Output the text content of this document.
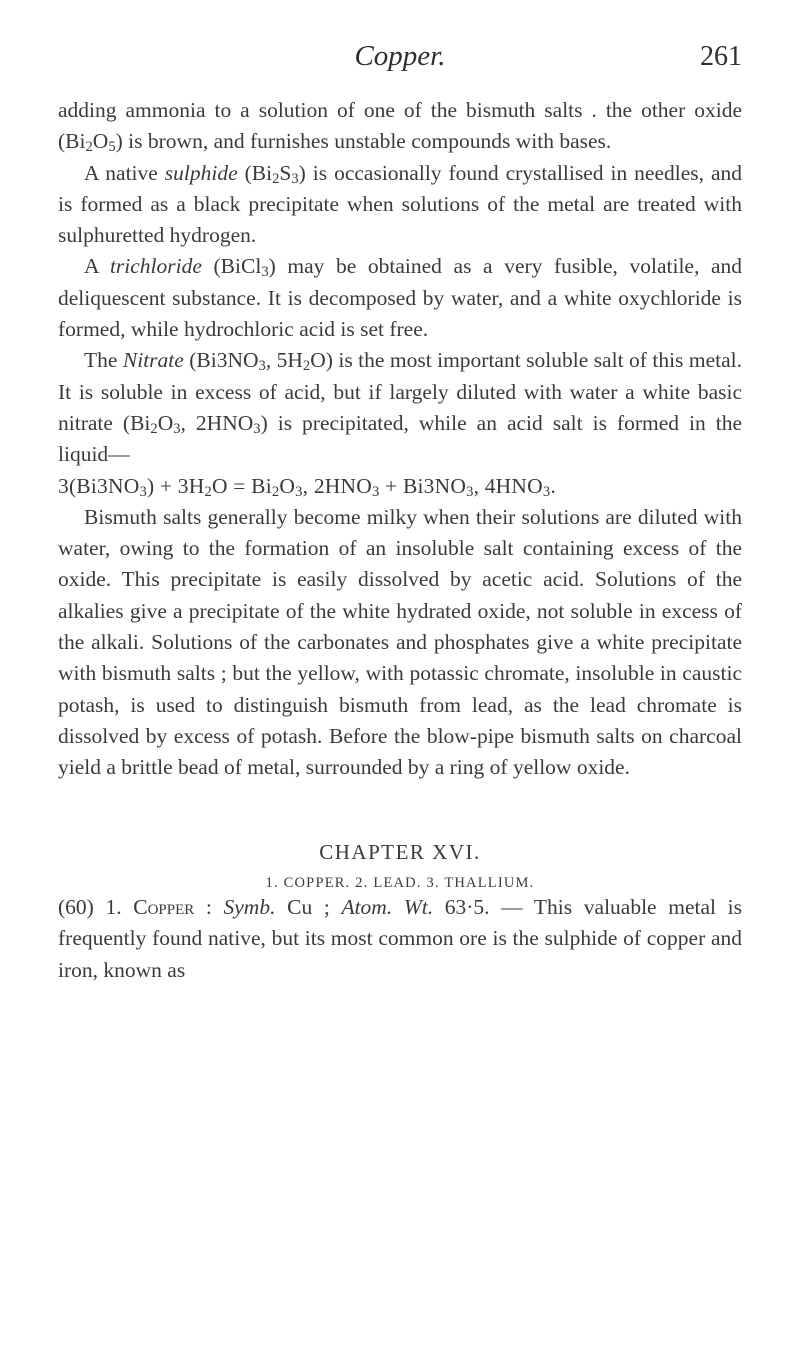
Copper.	261

adding ammonia to a solution of one of the bismuth salts . the other oxide $(Bi_2O_5)$ is brown, and furnishes unstable compounds with bases.

A native sulphide $(Bi_2S_3)$ is occasionally found crystallised in needles, and is formed as a black precipitate when solutions of the metal are treated with sulphuretted hydrogen.

A trichloride (BiCl$_3$) may be obtained as a very fusible, volatile, and deliquescent substance. It is decomposed by water, and a white oxychloride is formed, while hydrochloric acid is set free.

The Nitrate ($Bi3NO_3$, $5H_2O$) is the most important soluble salt of this metal. It is soluble in excess of acid, but if largely diluted with water a white basic nitrate ($Bi_2O_3$, $2HNO_3$) is precipitated, while an acid salt is formed in the liquid—

$3(Bi3NO_3) + 3H_2O = Bi_2O_3$, $2HNO_3 + Bi3NO_3$, $4HNO_3$.

Bismuth salts generally become milky when their solutions are diluted with water, owing to the formation of an insoluble salt containing excess of the oxide. This precipitate is easily dissolved by acetic acid. Solutions of the alkalies give a precipitate of the white hydrated oxide, not soluble in excess of the alkali. Solutions of the carbonates and phosphates give a white precipitate with bismuth salts ; but the yellow, with potassic chromate, insoluble in caustic potash, is used to distinguish bismuth from lead, as the lead chromate is dissolved by excess of potash. Before the blow-pipe bismuth salts on charcoal yield a brittle bead of metal, surrounded by a ring of yellow oxide.

CHAPTER XVI.

1. COPPER. 2. LEAD. 3. THALLIUM.

(60) 1. Copper : Symb. Cu ; Atom. Wt. 63·5. — This valuable metal is frequently found native, but its most common ore is the sulphide of copper and iron, known as
